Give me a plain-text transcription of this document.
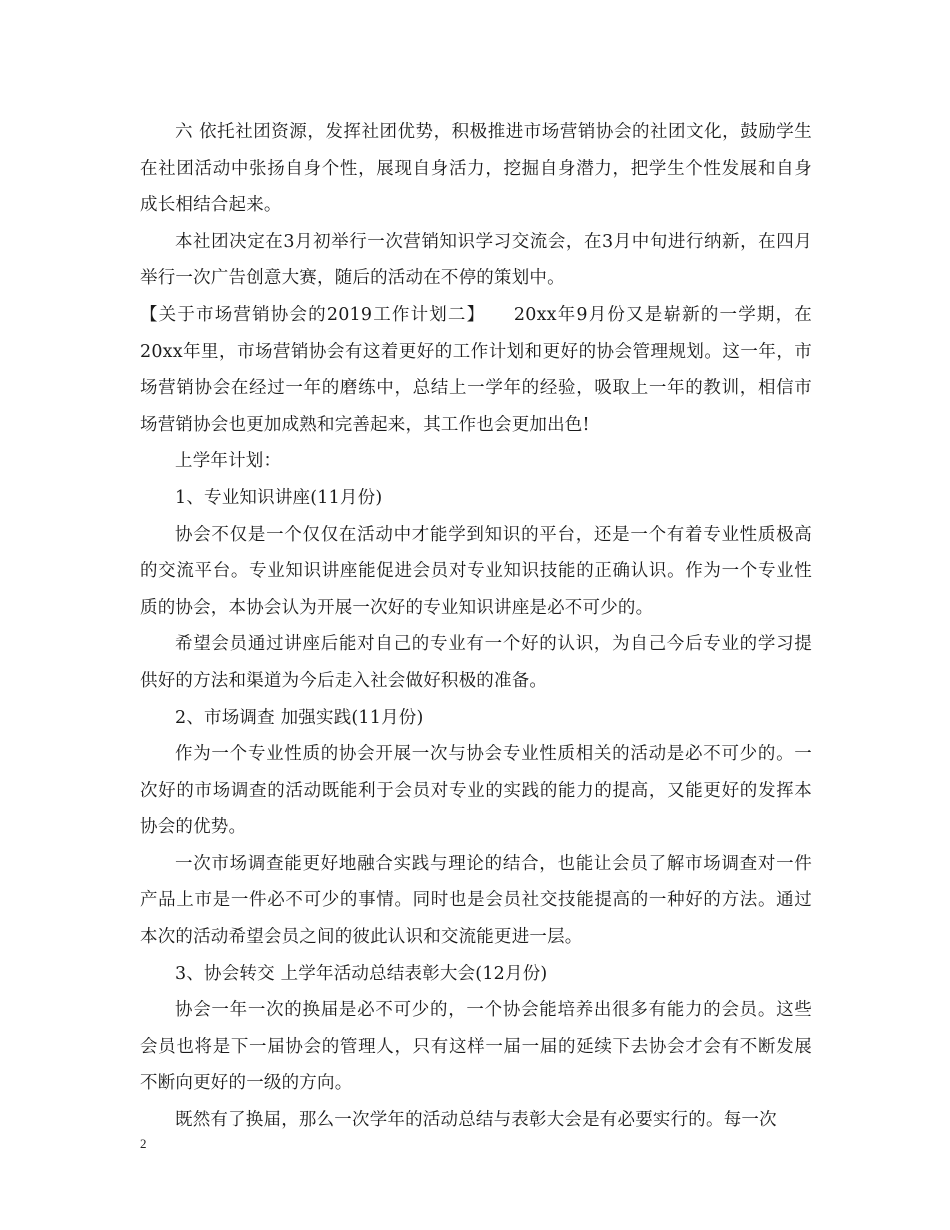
六 依托社团资源，发挥社团优势，积极推进市场营销协会的社团文化，鼓励学生在社团活动中张扬自身个性，展现自身活力，挖掘自身潜力，把学生个性发展和自身成长相结合起来。

本社团决定在3月初举行一次营销知识学习交流会，在3月中旬进行纳新，在四月举行一次广告创意大赛，随后的活动在不停的策划中。

【关于市场营销协会的2019工作计划二】　　20xx年9月份又是崭新的一学期，在20xx年里，市场营销协会有这着更好的工作计划和更好的协会管理规划。这一年，市场营销协会在经过一年的磨练中，总结上一学年的经验，吸取上一年的教训，相信市场营销协会也更加成熟和完善起来，其工作也会更加出色!

上学年计划：

1、专业知识讲座(11月份)

协会不仅是一个仅仅在活动中才能学到知识的平台，还是一个有着专业性质极高的交流平台。专业知识讲座能促进会员对专业知识技能的正确认识。作为一个专业性质的协会，本协会认为开展一次好的专业知识讲座是必不可少的。

希望会员通过讲座后能对自己的专业有一个好的认识，为自己今后专业的学习提供好的方法和渠道为今后走入社会做好积极的准备。

2、市场调查 加强实践(11月份)

作为一个专业性质的协会开展一次与协会专业性质相关的活动是必不可少的。一次好的市场调查的活动既能利于会员对专业的实践的能力的提高，又能更好的发挥本协会的优势。

一次市场调查能更好地融合实践与理论的结合，也能让会员了解市场调查对一件产品上市是一件必不可少的事情。同时也是会员社交技能提高的一种好的方法。通过本次的活动希望会员之间的彼此认识和交流能更进一层。

3、协会转交 上学年活动总结表彰大会(12月份)

协会一年一次的换届是必不可少的，一个协会能培养出很多有能力的会员。这些会员也将是下一届协会的管理人，只有这样一届一届的延续下去协会才会有不断发展不断向更好的一级的方向。

既然有了换届，那么一次学年的活动总结与表彰大会是有必要实行的。每一次

2
